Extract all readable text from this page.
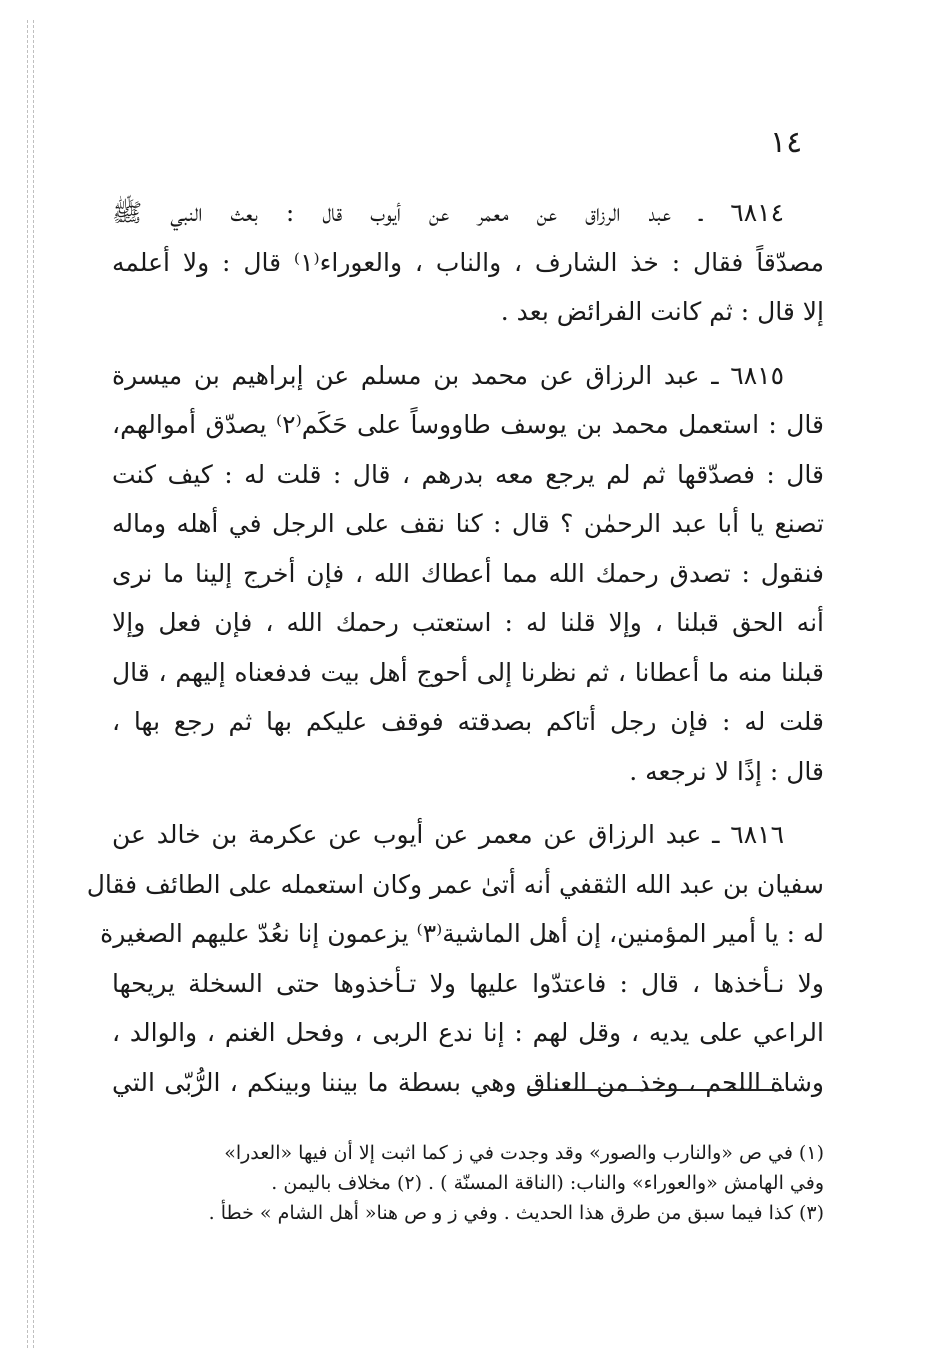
١٤
٦٨١٤ ـ عبد الرزاق عن معمر عن أيوب قال : بعث النبي ﷺ
مصدّقاً فقال : خذ الشارف ، والناب ، والعوراء⁽١⁾ قال : ولا أعلمه
إلا قال : ثم كانت الفرائض بعد .
٦٨١٥ ـ عبد الرزاق عن محمد بن مسلم عن إبراهيم بن ميسرة
قال : استعمل محمد بن يوسف طاووساً على حَكَم⁽٢⁾ يصدّق أموالهم،
قال : فصدّقها ثم لم يرجع معه بدرهم ، قال : قلت له : كيف كنت
تصنع يا أبا عبد الرحمٰن ؟ قال : كنا نقف على الرجل في أهله وماله
فنقول : تصدق رحمك الله مما أعطاك الله ، فإن أخرج إلينا ما نرى
أنه الحق قبلنا ، وإلا قلنا له : استعتب رحمك الله ، فإن فعل وإلا
قبلنا منه ما أعطانا ، ثم نظرنا إلى أحوج أهل بيت فدفعناه إليهم ، قال
قلت له : فإن رجل أتاكم بصدقته فوقف عليكم بها ثم رجع بها ،
قال : إذًا لا نرجعه .
٦٨١٦ ـ عبد الرزاق عن معمر عن أيوب عن عكرمة بن خالد عن
سفيان بن عبد الله الثقفي أنه أتىٰ عمر وكان استعمله على الطائف فقال
له : يا أمير المؤمنين، إن أهل الماشية⁽٣⁾ يزعمون إنا نعُدّ عليهم الصغيرة
ولا نـأخذها ، قال : فاعتدّوا عليها ولا تـأخذوها حتى السخلة يريحها
الراعي على يديه ، وقل لهم : إنا ندع الربى ، وفحل الغنم ، والوالد ،
وشاة اللحم ، وخذ من العناق وهي بسطة ما بيننا وبينكم ، الرُّبّى التي
(١) في ص «والنارب والصور» وقد وجدت في ز كما اثبت إلا أن فيها «العدرا»
وفي الهامش «والعوراء» والناب: (الناقة المسنّة ) . (٢) مخلاف باليمن .
(٣) كذا فيما سبق من طرق هذا الحديث . وفي ز و ص هنا« أهل الشام » خطأ .
